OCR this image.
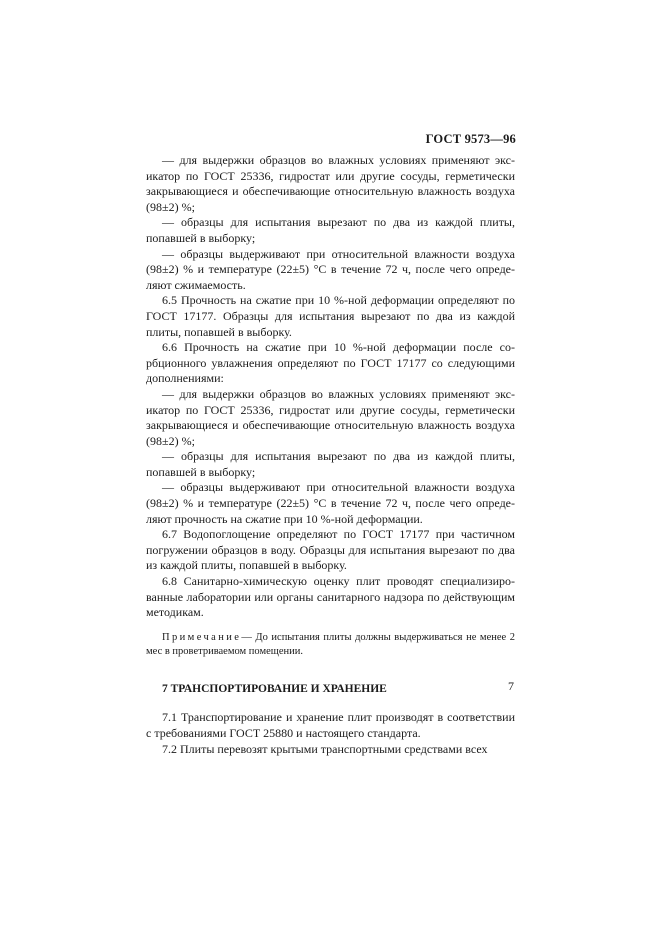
ГОСТ 9573—96

— для выдержки образцов во влажных условиях применяют эксикатор по ГОСТ 25336, гидростат или другие сосуды, герметически закрывающиеся и обеспечивающие относительную влажность воздуха (98±2) %;

— образцы для испытания вырезают по два из каждой плиты, попавшей в выборку;

— образцы выдерживают при относительной влажности воздуха (98±2) % и температуре (22±5) °С в течение 72 ч, после чего определяют сжимаемость.

6.5 Прочность на сжатие при 10 %-ной деформации определяют по ГОСТ 17177. Образцы для испытания вырезают по два из каждой плиты, попавшей в выборку.

6.6 Прочность на сжатие при 10 %-ной деформации после сорбционного увлажнения определяют по ГОСТ 17177 со следующими дополнениями:

— для выдержки образцов во влажных условиях применяют эксикатор по ГОСТ 25336, гидростат или другие сосуды, герметически закрывающиеся и обеспечивающие относительную влажность воздуха (98±2) %;

— образцы для испытания вырезают по два из каждой плиты, попавшей в выборку;

— образцы выдерживают при относительной влажности воздуха (98±2) % и температуре (22±5) °С в течение 72 ч, после чего определяют прочность на сжатие при 10 %-ной деформации.

6.7 Водопоглощение определяют по ГОСТ 17177 при частичном погружении образцов в воду. Образцы для испытания вырезают по два из каждой плиты, попавшей в выборку.

6.8 Санитарно-химическую оценку плит проводят специализированные лаборатории или органы санитарного надзора по действующим методикам.

Примечание— До испытания плиты должны выдерживаться не менее 2 мес в проветриваемом помещении.

7 ТРАНСПОРТИРОВАНИЕ И ХРАНЕНИЕ

7.1 Транспортирование и хранение плит производят в соответствии с требованиями ГОСТ 25880 и настоящего стандарта.

7.2 Плиты перевозят крытыми транспортными средствами всех

7
